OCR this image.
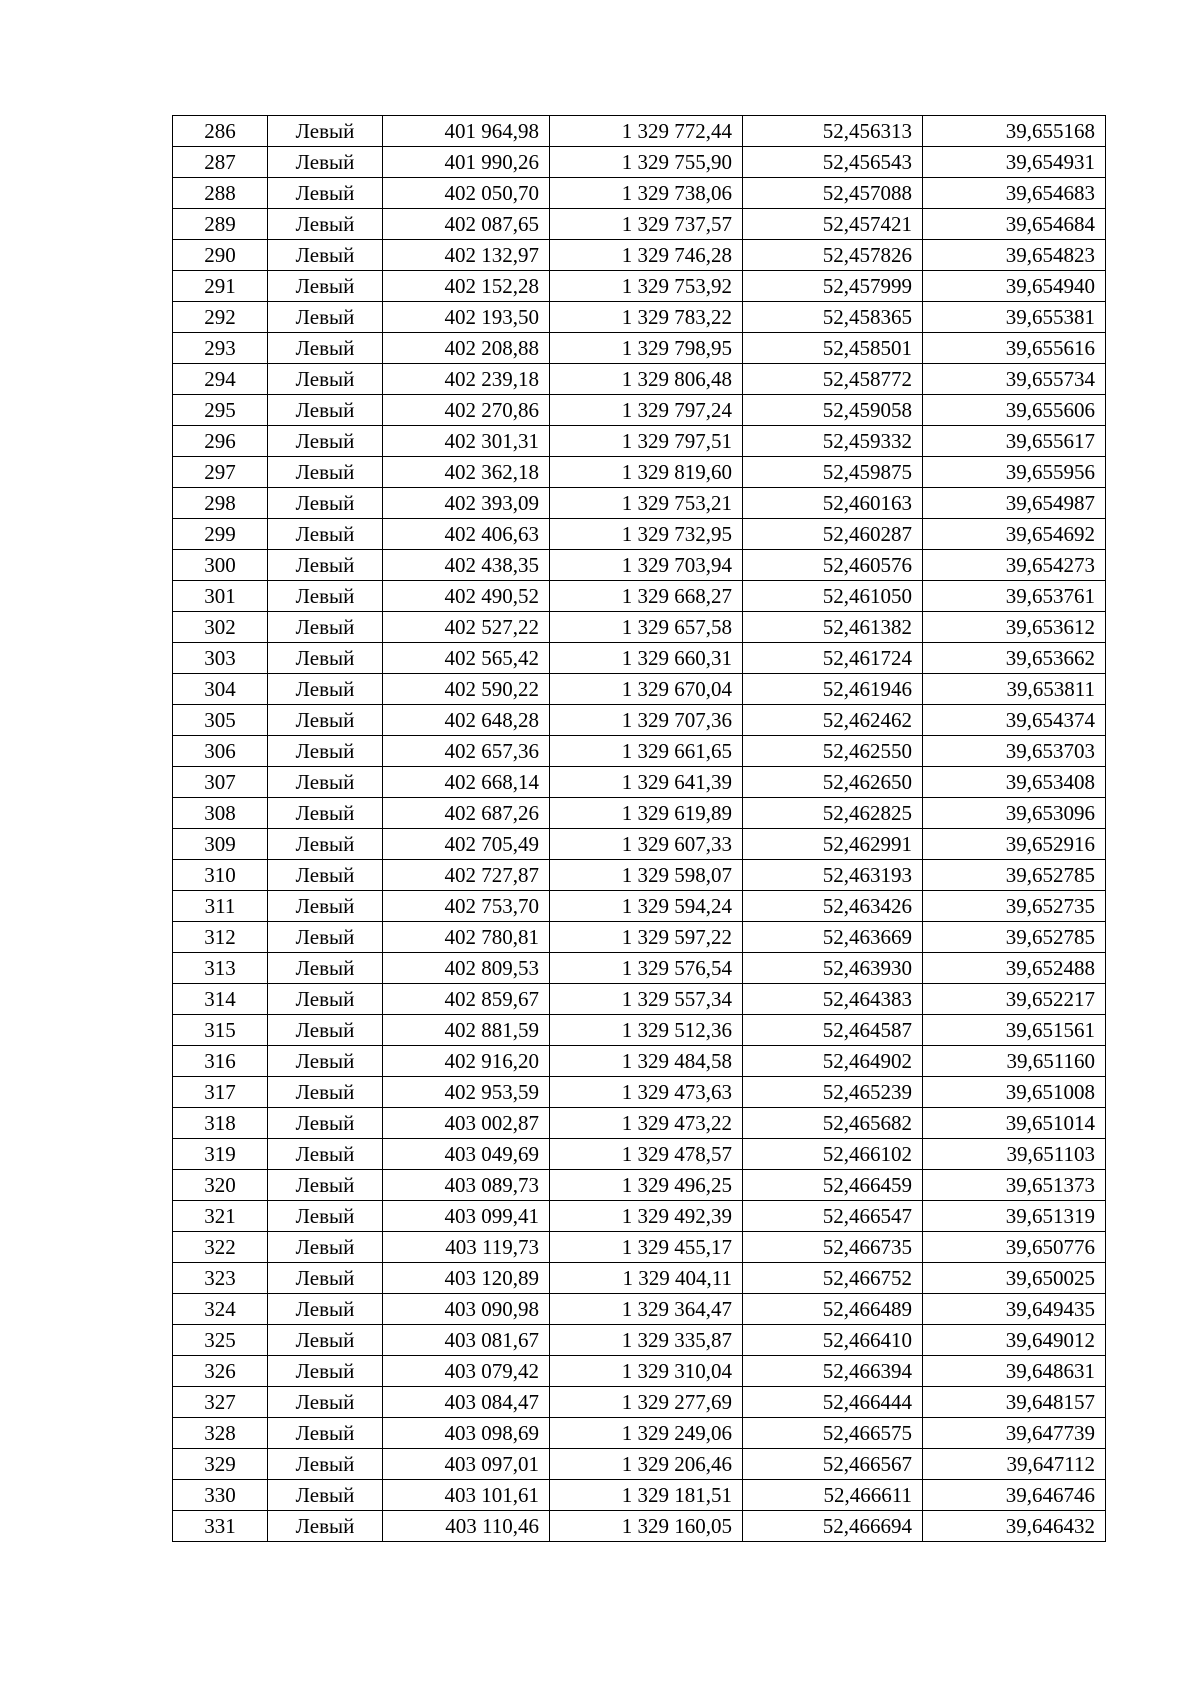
286	Левый	401 964,98	1 329 772,44	52,456313	39,655168
287	Левый	401 990,26	1 329 755,90	52,456543	39,654931
288	Левый	402 050,70	1 329 738,06	52,457088	39,654683
289	Левый	402 087,65	1 329 737,57	52,457421	39,654684
290	Левый	402 132,97	1 329 746,28	52,457826	39,654823
291	Левый	402 152,28	1 329 753,92	52,457999	39,654940
292	Левый	402 193,50	1 329 783,22	52,458365	39,655381
293	Левый	402 208,88	1 329 798,95	52,458501	39,655616
294	Левый	402 239,18	1 329 806,48	52,458772	39,655734
295	Левый	402 270,86	1 329 797,24	52,459058	39,655606
296	Левый	402 301,31	1 329 797,51	52,459332	39,655617
297	Левый	402 362,18	1 329 819,60	52,459875	39,655956
298	Левый	402 393,09	1 329 753,21	52,460163	39,654987
299	Левый	402 406,63	1 329 732,95	52,460287	39,654692
300	Левый	402 438,35	1 329 703,94	52,460576	39,654273
301	Левый	402 490,52	1 329 668,27	52,461050	39,653761
302	Левый	402 527,22	1 329 657,58	52,461382	39,653612
303	Левый	402 565,42	1 329 660,31	52,461724	39,653662
304	Левый	402 590,22	1 329 670,04	52,461946	39,653811
305	Левый	402 648,28	1 329 707,36	52,462462	39,654374
306	Левый	402 657,36	1 329 661,65	52,462550	39,653703
307	Левый	402 668,14	1 329 641,39	52,462650	39,653408
308	Левый	402 687,26	1 329 619,89	52,462825	39,653096
309	Левый	402 705,49	1 329 607,33	52,462991	39,652916
310	Левый	402 727,87	1 329 598,07	52,463193	39,652785
311	Левый	402 753,70	1 329 594,24	52,463426	39,652735
312	Левый	402 780,81	1 329 597,22	52,463669	39,652785
313	Левый	402 809,53	1 329 576,54	52,463930	39,652488
314	Левый	402 859,67	1 329 557,34	52,464383	39,652217
315	Левый	402 881,59	1 329 512,36	52,464587	39,651561
316	Левый	402 916,20	1 329 484,58	52,464902	39,651160
317	Левый	402 953,59	1 329 473,63	52,465239	39,651008
318	Левый	403 002,87	1 329 473,22	52,465682	39,651014
319	Левый	403 049,69	1 329 478,57	52,466102	39,651103
320	Левый	403 089,73	1 329 496,25	52,466459	39,651373
321	Левый	403 099,41	1 329 492,39	52,466547	39,651319
322	Левый	403 119,73	1 329 455,17	52,466735	39,650776
323	Левый	403 120,89	1 329 404,11	52,466752	39,650025
324	Левый	403 090,98	1 329 364,47	52,466489	39,649435
325	Левый	403 081,67	1 329 335,87	52,466410	39,649012
326	Левый	403 079,42	1 329 310,04	52,466394	39,648631
327	Левый	403 084,47	1 329 277,69	52,466444	39,648157
328	Левый	403 098,69	1 329 249,06	52,466575	39,647739
329	Левый	403 097,01	1 329 206,46	52,466567	39,647112
330	Левый	403 101,61	1 329 181,51	52,466611	39,646746
331	Левый	403 110,46	1 329 160,05	52,466694	39,646432
